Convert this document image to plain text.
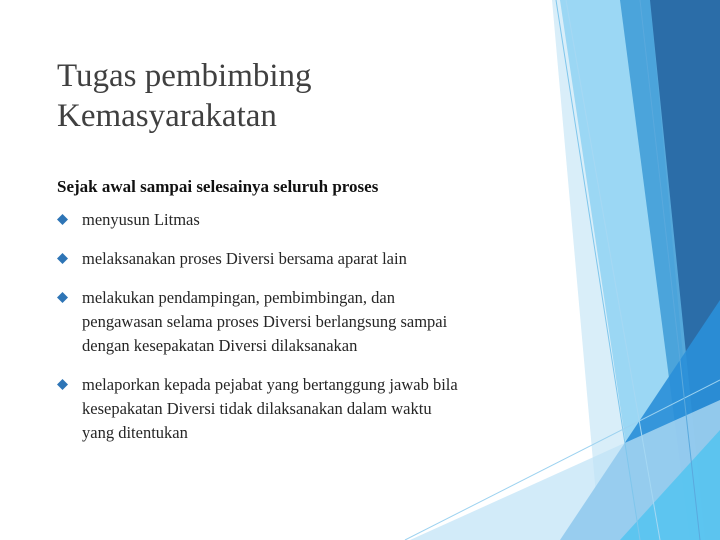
Tugas pembimbing
Kemasyarakatan
Sejak awal sampai selesainya seluruh proses
menyusun Litmas
melaksanakan proses Diversi bersama aparat lain
melakukan pendampingan, pembimbingan, dan
pengawasan selama proses Diversi berlangsung sampai
dengan kesepakatan Diversi dilaksanakan
melaporkan kepada pejabat yang bertanggung jawab bila
kesepakatan Diversi tidak dilaksanakan dalam waktu
yang ditentukan
